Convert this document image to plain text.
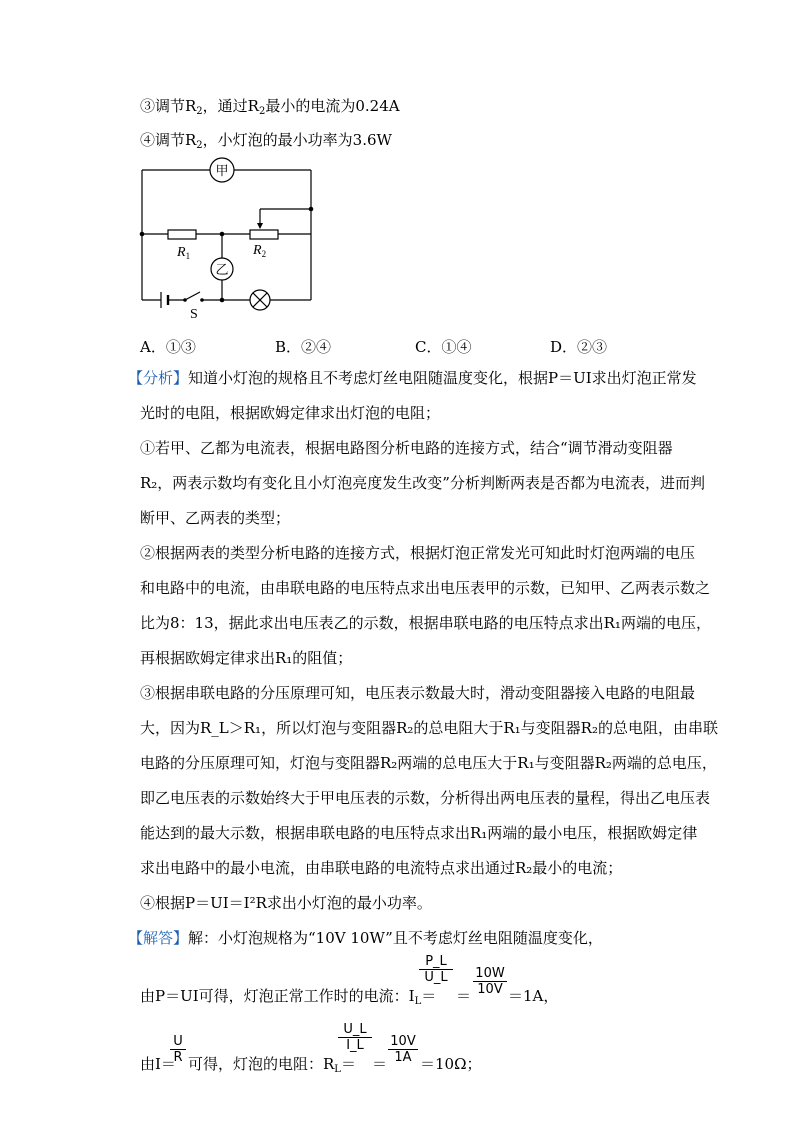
③调节$R_2$，通过$R_2$最小的电流为0.24A
④调节$R_2$，小灯泡的最小功率为3.6W
甲
乙
$R_1$	$R_2$
S
A．①③	B．②④	C．①④	D．②③
【分析】知道小灯泡的规格且不考虑灯丝电阻随温度变化，根据P＝UI求出灯泡正常发
光时的电阻，根据欧姆定律求出灯泡的电阻；
①若甲、乙都为电流表，根据电路图分析电路的连接方式，结合“调节滑动变阻器
R₂，两表示数均有变化且小灯泡亮度发生改变”分析判断两表是否都为电流表，进而判
断甲、乙两表的类型；
②根据两表的类型分析电路的连接方式，根据灯泡正常发光可知此时灯泡两端的电压
和电路中的电流，由串联电路的电压特点求出电压表甲的示数，已知甲、乙两表示数之
比为8：13，据此求出电压表乙的示数，根据串联电路的电压特点求出R₁两端的电压，
再根据欧姆定律求出R₁的阻值；
③根据串联电路的分压原理可知，电压表示数最大时，滑动变阻器接入电路的电阻最
大，因为R_L＞R₁，所以灯泡与变阻器R₂的总电阻大于R₁与变阻器R₂的总电阻，由串联
电路的分压原理可知，灯泡与变阻器R₂两端的总电压大于R₁与变阻器R₂两端的总电压，
即乙电压表的示数始终大于甲电压表的示数，分析得出两电压表的量程，得出乙电压表
能达到的最大示数，根据串联电路的电压特点求出R₁两端的最小电压，根据欧姆定律
求出电路中的最小电流，由串联电路的电流特点求出通过R₂最小的电流；
④根据P＝UI＝I²R求出小灯泡的最小功率。
【解答】解：小灯泡规格为“10V 10W”且不考虑灯丝电阻随温度变化，
由P＝UI可得，灯泡正常工作时的电流：$I_L=$
$\frac{P\_L}{U\_L}$
＝ $\frac{10W}{10V} =1A$，
由I＝
$\frac{U}{R}$ 可得，灯泡的电阻：$R_L=$
$\frac{U\_L}{I\_L}$
＝ $\frac{10V}{1A} =10\Omega$；
